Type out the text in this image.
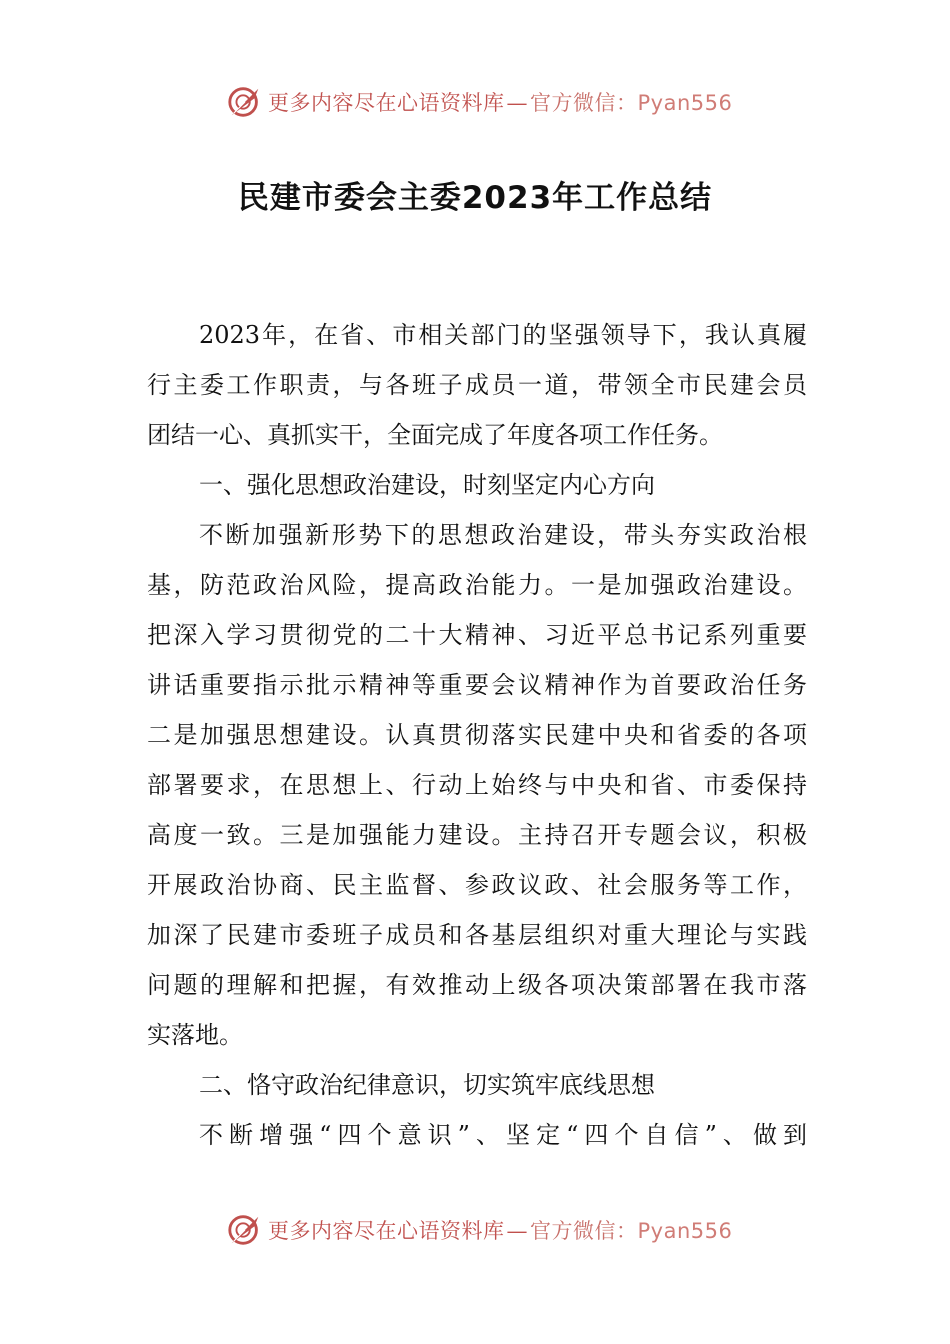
更多内容尽在心语资料库—官方微信：Pyan556
民建市委会主委2023年工作总结
2023年，在省、市相关部门的坚强领导下，我认真履
行主委工作职责，与各班子成员一道，带领全市民建会员
团结一心、真抓实干，全面完成了年度各项工作任务。
一、强化思想政治建设，时刻坚定内心方向
不断加强新形势下的思想政治建设，带头夯实政治根
基，防范政治风险，提高政治能力。一是加强政治建设。
把深入学习贯彻党的二十大精神、习近平总书记系列重要
讲话重要指示批示精神等重要会议精神作为首要政治任务
二是加强思想建设。认真贯彻落实民建中央和省委的各项
部署要求，在思想上、行动上始终与中央和省、市委保持
高度一致。三是加强能力建设。主持召开专题会议，积极
开展政治协商、民主监督、参政议政、社会服务等工作，
加深了民建市委班子成员和各基层组织对重大理论与实践
问题的理解和把握，有效推动上级各项决策部署在我市落
实落地。
二、恪守政治纪律意识，切实筑牢底线思想
不断增强“四个意识”、坚定“四个自信”、做到
更多内容尽在心语资料库—官方微信：Pyan556
